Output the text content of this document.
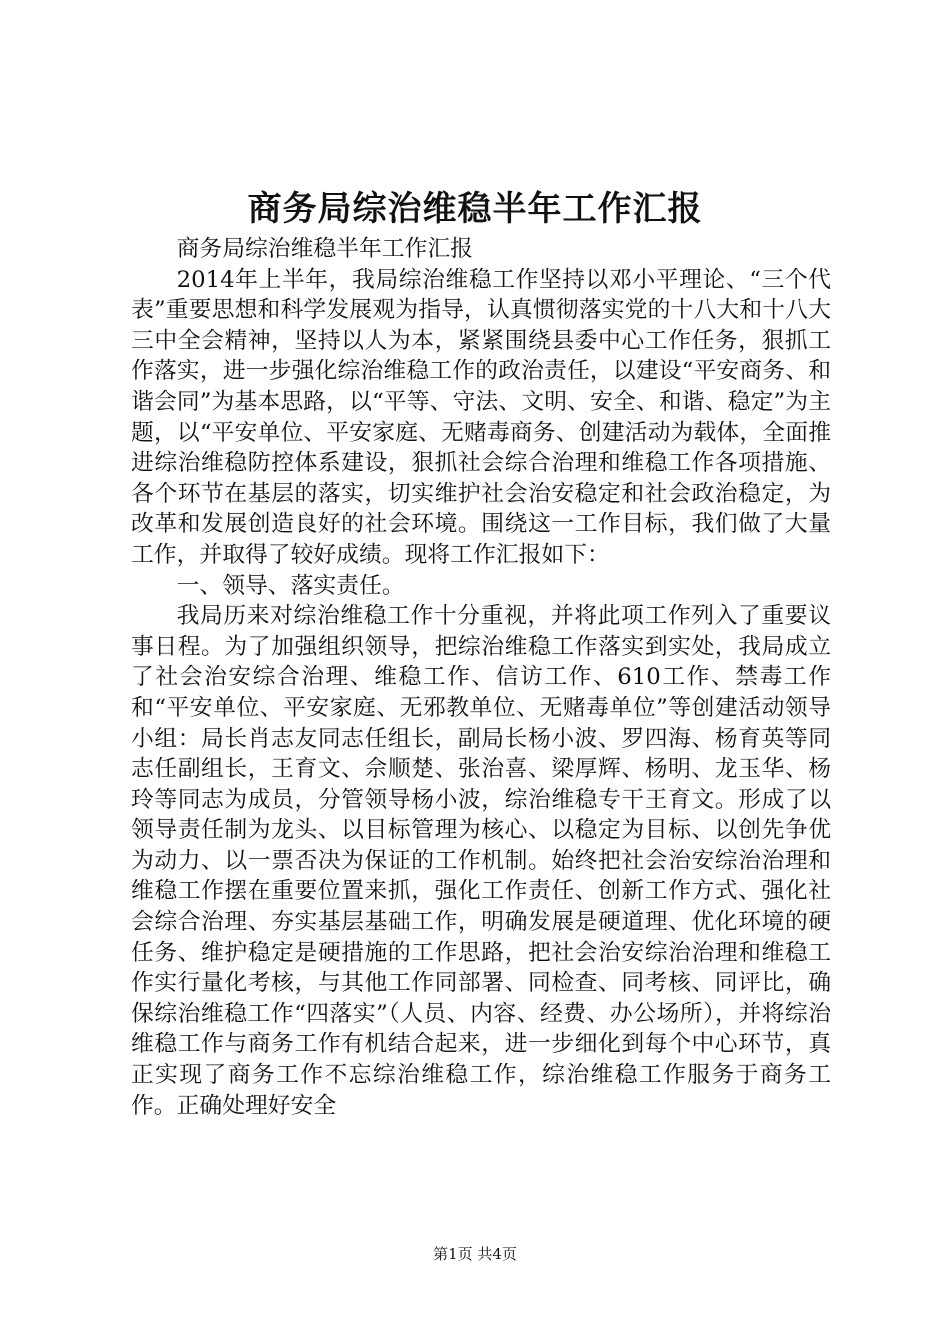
商务局综治维稳半年工作汇报

商务局综治维稳半年工作汇报

2014年上半年，我局综治维稳工作坚持以邓小平理论、“三个代表”重要思想和科学发展观为指导，认真惯彻落实党的十八大和十八大三中全会精神，坚持以人为本，紧紧围绕县委中心工作任务，狠抓工作落实，进一步强化综治维稳工作的政治责任，以建设“平安商务、和谐会同”为基本思路，以“平等、守法、文明、安全、和谐、稳定”为主题，以“平安单位、平安家庭、无赌毒商务、创建活动为载体，全面推进综治维稳防控体系建设，狠抓社会综合治理和维稳工作各项措施、各个环节在基层的落实，切实维护社会治安稳定和社会政治稳定，为改革和发展创造良好的社会环境。围绕这一工作目标，我们做了大量工作，并取得了较好成绩。现将工作汇报如下：

一、领导、落实责任。

我局历来对综治维稳工作十分重视，并将此项工作列入了重要议事日程。为了加强组织领导，把综治维稳工作落实到实处，我局成立了社会治安综合治理、维稳工作、信访工作、610工作、禁毒工作和“平安单位、平安家庭、无邪教单位、无赌毒单位”等创建活动领导小组：局长肖志友同志任组长，副局长杨小波、罗四海、杨育英等同志任副组长，王育文、佘顺楚、张治喜、梁厚辉、杨明、龙玉华、杨玲等同志为成员，分管领导杨小波，综治维稳专干王育文。形成了以领导责任制为龙头、以目标管理为核心、以稳定为目标、以创先争优为动力、以一票否决为保证的工作机制。始终把社会治安综治治理和维稳工作摆在重要位置来抓，强化工作责任、创新工作方式、强化社会综合治理、夯实基层基础工作，明确发展是硬道理、优化环境的硬任务、维护稳定是硬措施的工作思路，把社会治安综治治理和维稳工作实行量化考核，与其他工作同部署、同检查、同考核、同评比，确保综治维稳工作“四落实”（人员、内容、经费、办公场所），并将综治维稳工作与商务工作有机结合起来，进一步细化到每个中心环节，真正实现了商务工作不忘综治维稳工作，综治维稳工作服务于商务工作。正确处理好安全

第1页 共4页
